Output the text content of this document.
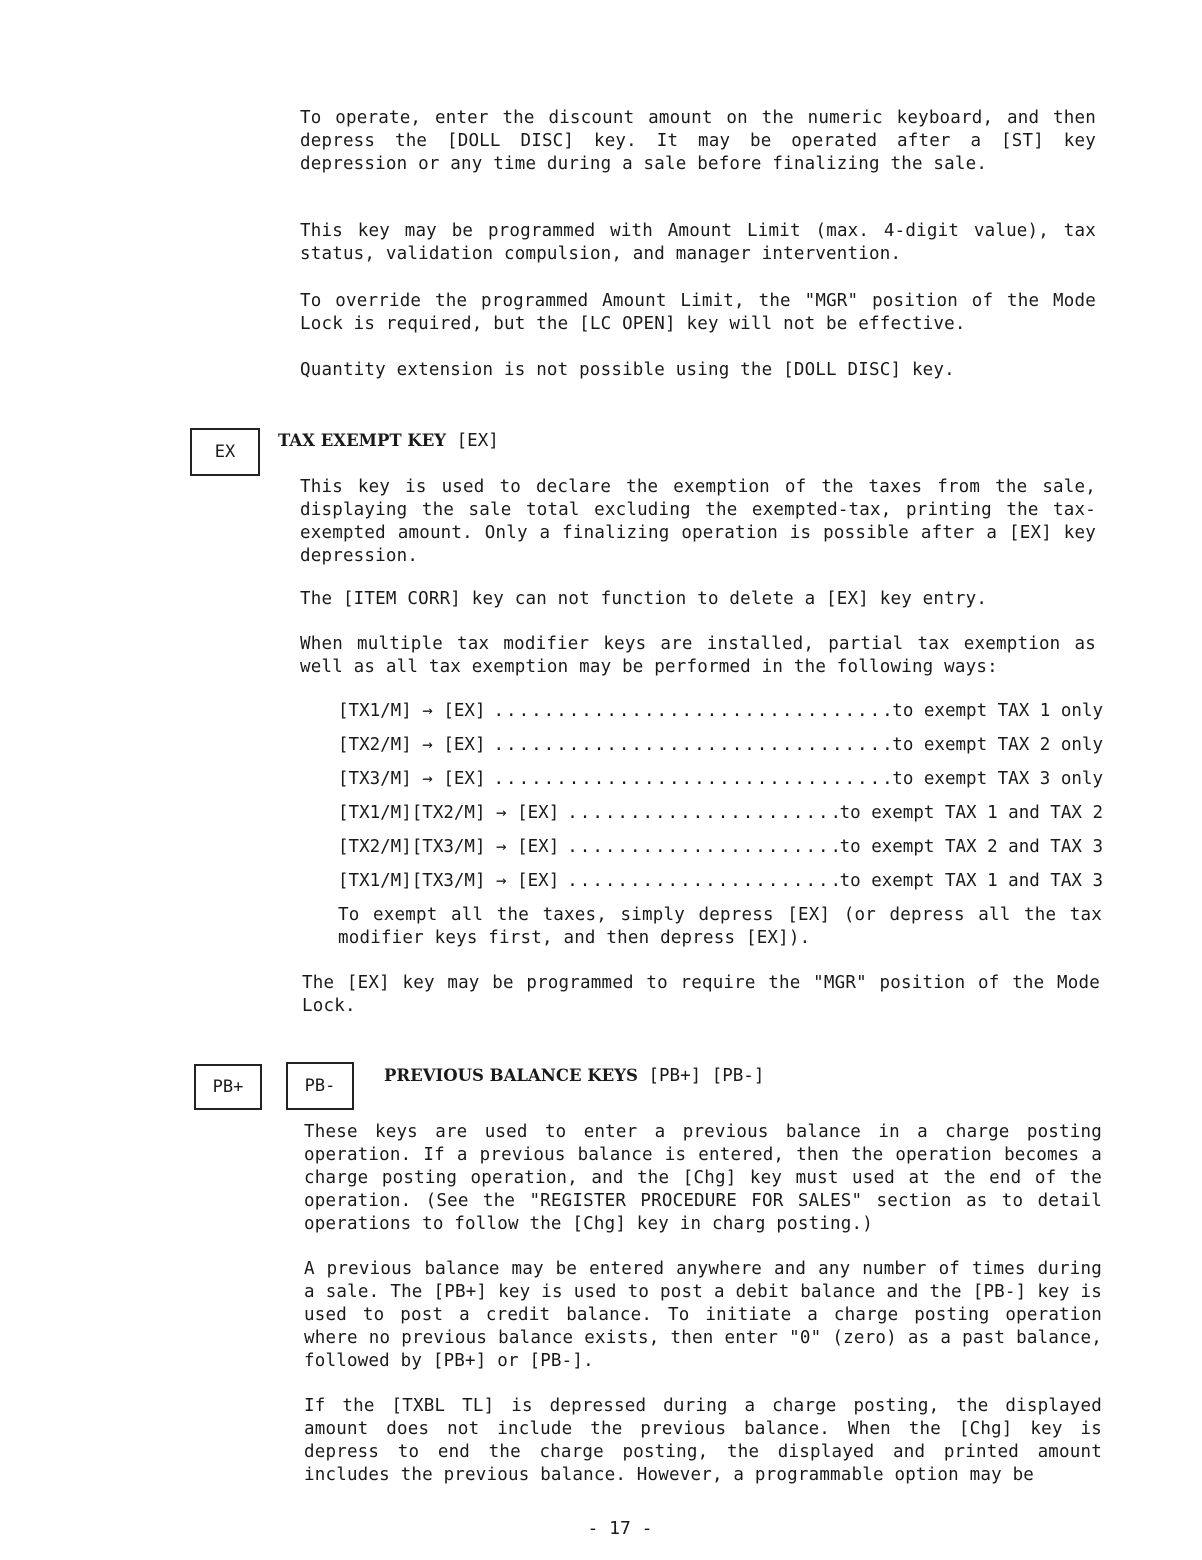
To operate, enter the discount amount on the numeric keyboard, and then depress the [DOLL DISC] key. It may be operated after a [ST] key depression or any time during a sale before finalizing the sale.

This key may be programmed with Amount Limit (max. 4-digit value), tax status, validation compulsion, and manager intervention.

To override the programmed Amount Limit, the "MGR" position of the Mode Lock is required, but the [LC OPEN] key will not be effective.

Quantity extension is not possible using the [DOLL DISC] key.

EX
TAX EXEMPT KEY [EX]

This key is used to declare the exemption of the taxes from the sale, displaying the sale total excluding the exempted-tax, printing the tax-exempted amount. Only a finalizing operation is possible after a [EX] key depression.

The [ITEM CORR] key can not function to delete a [EX] key entry.

When multiple tax modifier keys are installed, partial tax exemption as well as all tax exemption may be performed in the following ways:

[TX1/M] → [EX] .....	to exempt TAX 1 only
[TX2/M] → [EX] .....	to exempt TAX 2 only
[TX3/M] → [EX] .....	to exempt TAX 3 only
[TX1/M][TX2/M] → [EX] .....	to exempt TAX 1 and TAX 2
[TX2/M][TX3/M] → [EX] .....	to exempt TAX 2 and TAX 3
[TX1/M][TX3/M] → [EX] .....	to exempt TAX 1 and TAX 3

To exempt all the taxes, simply depress [EX] (or depress all the tax modifier keys first, and then depress [EX]).

The [EX] key may be programmed to require the "MGR" position of the Mode Lock.

PB+	PB-
PREVIOUS BALANCE KEYS [PB+] [PB-]

These keys are used to enter a previous balance in a charge posting operation. If a previous balance is entered, then the operation becomes a charge posting operation, and the [Chg] key must used at the end of the operation. (See the "REGISTER PROCEDURE FOR SALES" section as to detail operations to follow the [Chg] key in charg posting.)

A previous balance may be entered anywhere and any number of times during a sale. The [PB+] key is used to post a debit balance and the [PB-] key is used to post a credit balance. To initiate a charge posting operation where no previous balance exists, then enter "0" (zero) as a past balance, followed by [PB+] or [PB-].

If the [TXBL TL] is depressed during a charge posting, the displayed amount does not include the previous balance. When the [Chg] key is depress to end the charge posting, the displayed and printed amount includes the previous balance. However, a programmable option may be

- 17 -
